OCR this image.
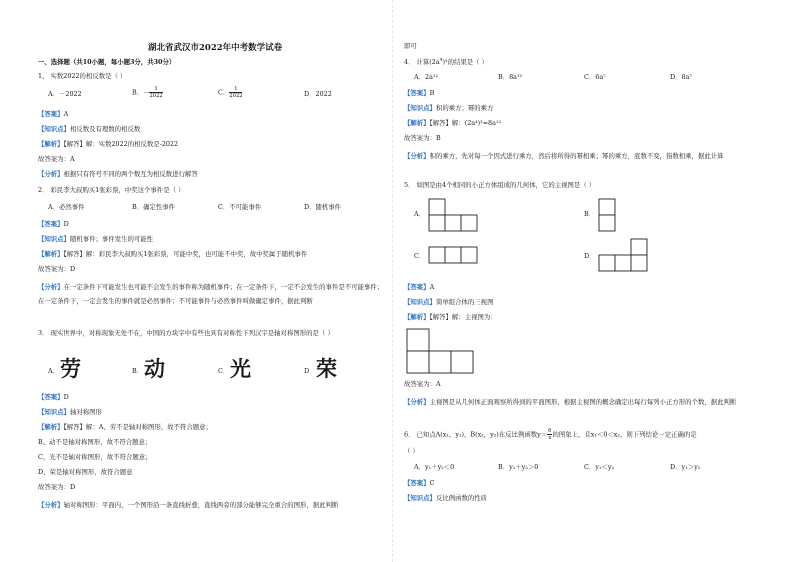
湖北省武汉市2022年中考数学试卷
一、选择题（共10小题，每小题3分，共30分）
1、 实数2022的相反数是（ ）
A．－2022	B．－ $\frac{1}{2022}$	C． $\frac{1}{2022}$	D．2022
【答案】A
【知识点】相反数及有理数的相反数
【解析】【解答】解：实数2022的相反数是-2022
故答案为：A
【分析】根据只有符号不同的两个数互为相反数进行解答
2． 彩民李大叔购买1张彩票，中奖这个事件是（ ）
A．必然事件	B．确定性事件	C．不可能事件	D．随机事件
【答案】D
【知识点】随机事件；事件发生的可能性
【解析】【解答】解：彩民李大叔购买1张彩票，可能中奖，也可能不中奖，故中奖属于随机事件
故答案为：D
【分析】在一定条件下可能发生也可能不会发生的事件称为随机事件；在一定条件下，一定不会发生的事件是不可能事件；在一定条件下，一定会发生的事件就是必然事件；不可能事件与必然事件叫做确定事件，据此判断
3． 现实世界中，对称现象无处不在，中国的方块字中有些也具有对称性下列汉字是轴对称图形的是（ ）
A． 劳	B． 动	C． 光	D． 荣
【答案】D
【知识点】轴对称图形
【解析】【解答】解：A、劳不是轴对称图形，故不符合题意；
B、动不是轴对称图形，故不符合题意；
C、光不是轴对称图形，故不符合题意；
D、荣是轴对称图形，故符合题意
故答案为：D
【分析】轴对称图形：平面内，一个图形沿一条直线折叠，直线两旁的部分能够完全重合的图形，据此判断
即可
4． 计算$(2a^4)^3$的结果是（ ）
A．2a¹²	B．8a¹²	C．6a⁷	D．8a⁷
【答案】B
【知识点】积的乘方；幂的乘方
【解析】【解答】解：(2a⁴)³=8a¹²
故答案为：B
【分析】积的乘方，先对每一个因式进行乘方，然后将所得的幂相乘；幂的乘方，底数不变，指数相乘，据此计算
5． 如图是由4个相同的小正方体组成的几何体，它的主视图是（ ）
A．	B．
C．	D．
【答案】A
【知识点】简单组合体的三视图
【解析】【解答】解：主视图为：
故答案为：A
【分析】主视图是从几何体正面观察所得到的平面图形，根据主视图的概念确定出每行每列小正方形的个数，据此判断
6． 已知点A(x₁，y₁)，B(x₂，y₂)在反比例函数$y= \frac{6}{x}$ 的图象上，且x₁＜0＜x₂，则下列结论一定正确的是
（ ）
A．y₁＋y₂＜0	B．y₁＋y₂＞0	C．y₁＜y₂	D．y₁＞y₂
【答案】C
【知识点】反比例函数的性质
